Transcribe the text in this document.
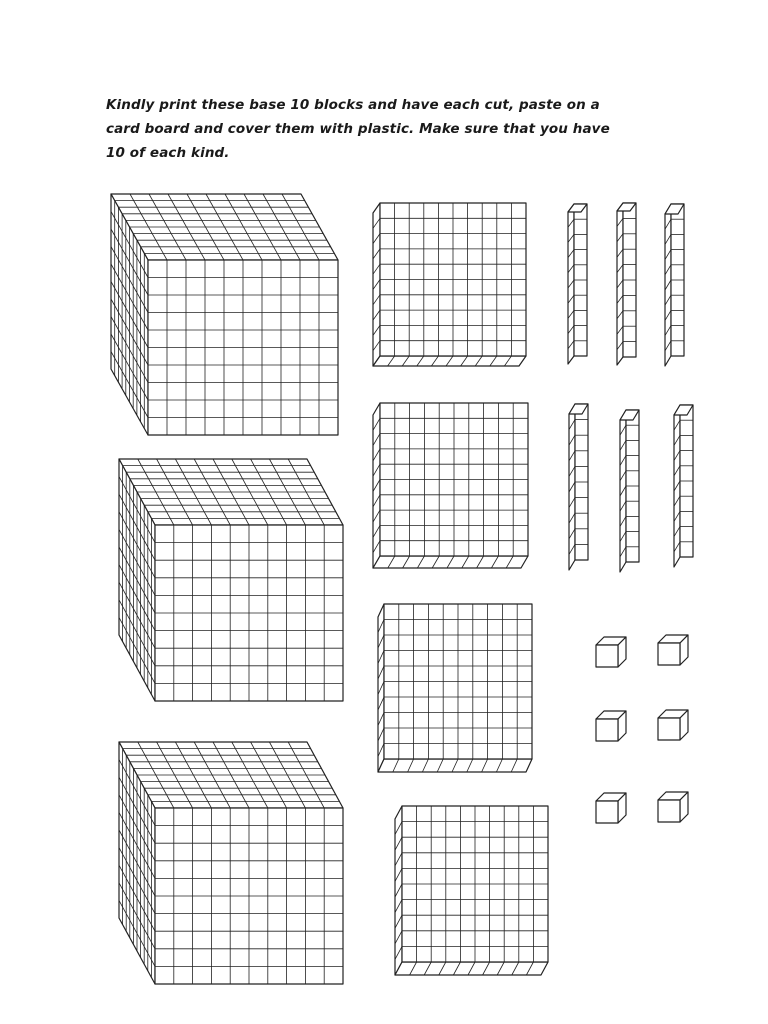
Kindly print these base 10 blocks and have each cut, paste on a
card board and cover them with plastic. Make sure that you have
10 of each kind.
